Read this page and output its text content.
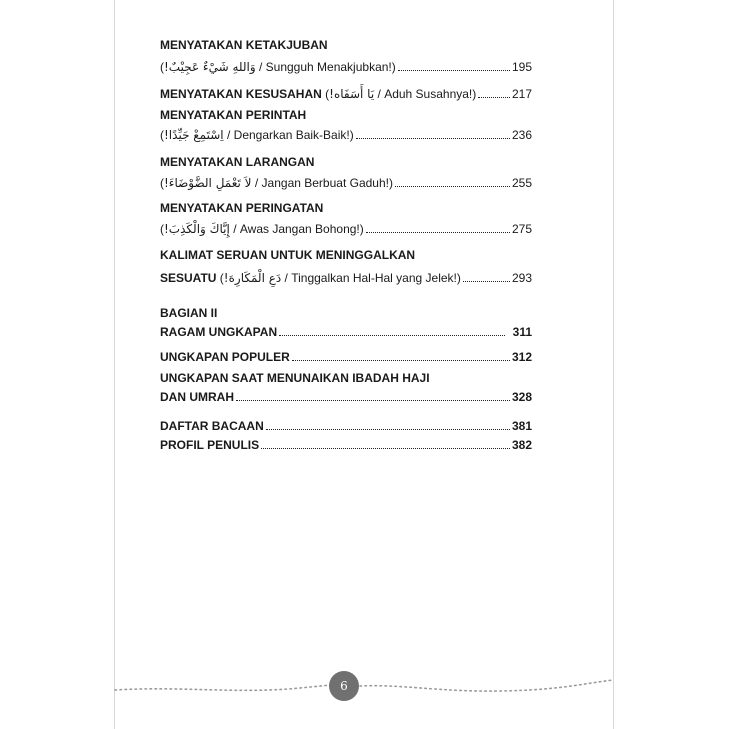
MENYATAKAN KETAKJUBAN
(وَاللهِ شَيْءٌ عَجِيْبٌ! / Sungguh Menakjubkan!)	195
MENYATAKAN KESUSAHAN (يَا أَسَفَاه! / Aduh Susahnya!)	217
MENYATAKAN PERINTAH
(اِسْتَمِعْ جَيِّدًا! / Dengarkan Baik-Baik!)	236
MENYATAKAN LARANGAN
(لاَ تَعْمَلِ الضَّوْضَاءَ! / Jangan Berbuat Gaduh!)	255
MENYATAKAN PERINGATAN
(إِيَّاكَ وَالْكَذِبَ! / Awas Jangan Bohong!)	275
KALIMAT SERUAN UNTUK MENINGGALKAN
SESUATU (دَعِ الْمَكَارِهَ! / Tinggalkan Hal-Hal yang Jelek!)	293
BAGIAN II
RAGAM UNGKAPAN	311
UNGKAPAN POPULER	312
UNGKAPAN SAAT MENUNAIKAN IBADAH HAJI
DAN UMRAH	328
DAFTAR BACAAN	381
PROFIL PENULIS	382
6
